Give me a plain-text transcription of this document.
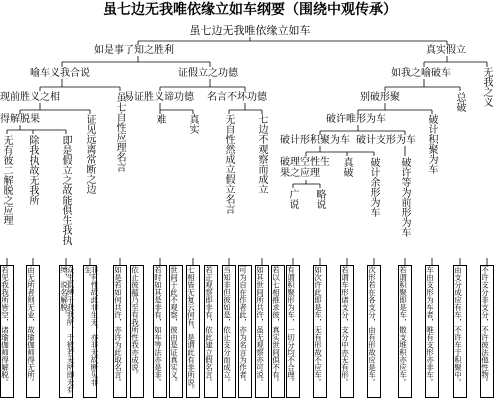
虽七边无我唯依缘立如车纲要（围绕中观传承）
虽七边无我唯依缘立如车
如是事了知之胜利	真实假立
喻车义我合说	证假立之功德	如我之喻破车	无我之义
现前胜义之相	易证胜义谛功德 名言不坏功德	别破形聚	总破
得解脱果	证见远离常断之边 虽七自性应理名言	难 真实	无自性然成立假立名言 七边不观察而成立	破许唯形为车	破计积聚为车
无有彼二解脱之应理 除我执故无我所 即是假立之故能俱生我执	破计形积聚为车 破计支形为车
破理空性生果之应理	真破 破计余形为车 破许等为前形为车
广说 略说
若见我我所皆空，诸瑜伽师得解脱。 由无所者则无业，故瑜伽师得无所。	众生俱缚于我我所，于彼若无所即无有缚，说名解脱。	非有性故此非生无，亦非无故断见非生。	如是若如何共许，亦许为此取名言。 依止彼蕴乃至有我所性我亦成说。 若时如其是非有，如车等法亦是非。 世间于此不观察，彼由是证真实义。 七相皆无复云何有，是谓此有非所说。 若正观察即非有，依此建立假名言。 当知非但彼如是，依止支分而成立。 可为自在作者此，亦为名言为作者。 如其世间所共许，虽无观察亦可说。 若以七相推求彼，真实世间俱不有。 有谓积聚形为车，一切分均不合理。 如次许此即是车，无有形故不应车。 若谓车形诸支分，支分中亦无有形。 次形若在各支分，由有形故应是车。	若谓积聚即是车，散支堆积亦应车。 车由支形为车者，唯有支形亦非车。	由支分成应有车，不许车于积聚中。 不许支分非支分，不许彼法他性物。
